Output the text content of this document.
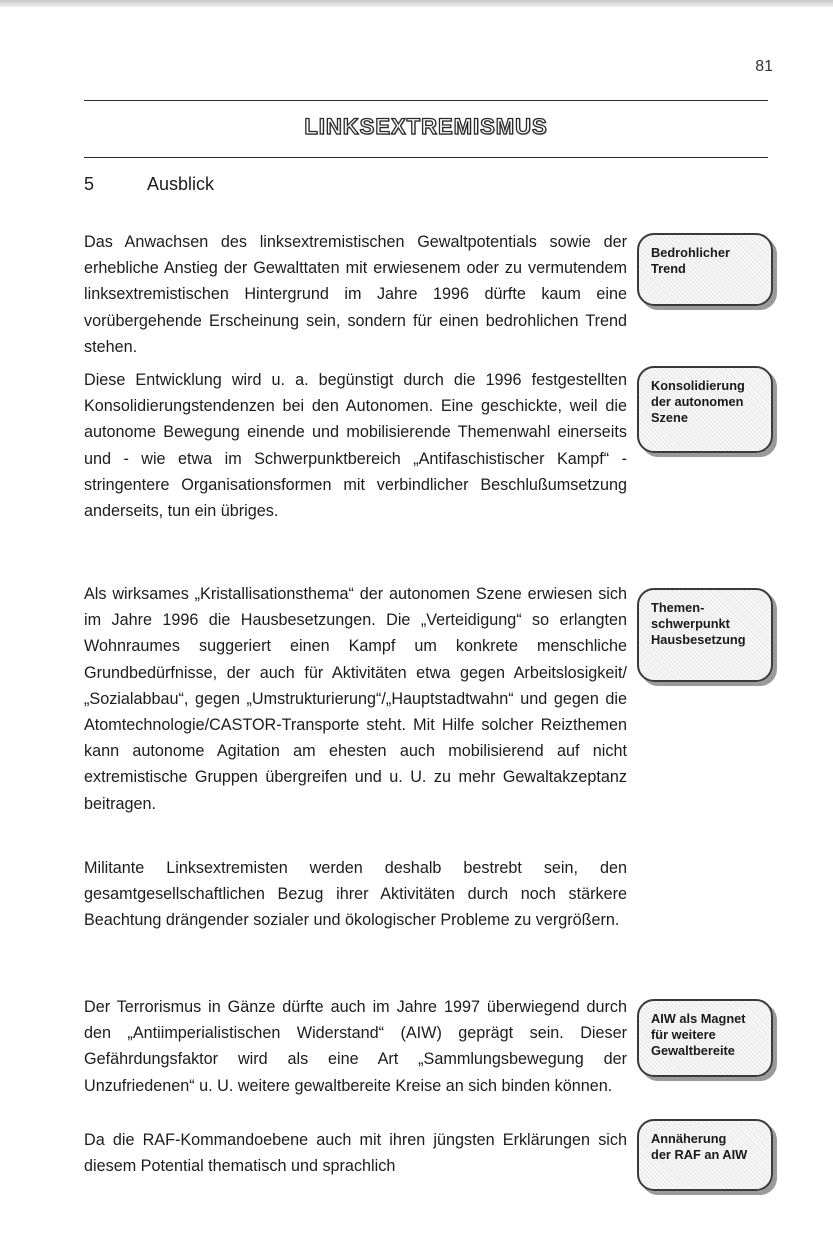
81
LINKSEXTREMISMUS
5	Ausblick

Das Anwachsen des linksextremistischen Gewaltpotentials sowie der erhebliche Anstieg der Gewalttaten mit erwiesenem oder zu vermutendem linksextremistischen Hintergrund im Jahre 1996 dürfte kaum eine vorübergehende Erscheinung sein, sondern für einen bedrohlichen Trend stehen.

Diese Entwicklung wird u. a. begünstigt durch die 1996 festgestellten Konsolidierungstendenzen bei den Autonomen. Eine geschickte, weil die autonome Bewegung einende und mobilisierende Themenwahl einerseits und - wie etwa im Schwerpunktbereich „Antifaschistischer Kampf“ - stringentere Organisationsformen mit verbindlicher Beschlußumsetzung anderseits, tun ein übriges.

Als wirksames „Kristallisationsthema“ der autonomen Szene erwiesen sich im Jahre 1996 die Hausbesetzungen. Die „Verteidigung“ so erlangten Wohnraumes suggeriert einen Kampf um konkrete menschliche Grundbedürfnisse, der auch für Aktivitäten etwa gegen Arbeitslosigkeit/„Sozialabbau“, gegen „Umstrukturierung“/„Hauptstadtwahn“ und gegen die Atomtechnologie/CASTOR-Transporte steht. Mit Hilfe solcher Reizthemen kann autonome Agitation am ehesten auch mobilisierend auf nicht extremistische Gruppen übergreifen und u. U. zu mehr Gewaltakzeptanz beitragen.

Militante Linksextremisten werden deshalb bestrebt sein, den gesamtgesellschaftlichen Bezug ihrer Aktivitäten durch noch stärkere Beachtung drängender sozialer und ökologischer Probleme zu vergrößern.

Der Terrorismus in Gänze dürfte auch im Jahre 1997 überwiegend durch den „Antiimperialistischen Widerstand“ (AIW) geprägt sein. Dieser Gefährdungsfaktor wird als eine Art „Sammlungsbewegung der Unzufriedenen“ u. U. weitere gewaltbereite Kreise an sich binden können.

Da die RAF-Kommandoebene auch mit ihren jüngsten Erklärungen sich diesem Potential thematisch und sprachlich

Bedrohlicher
Trend
Konsolidierung
der autonomen
Szene
Themen-
schwerpunkt
Hausbesetzung
AIW als Magnet
für weitere
Gewaltbereite
Annäherung
der RAF an AIW
